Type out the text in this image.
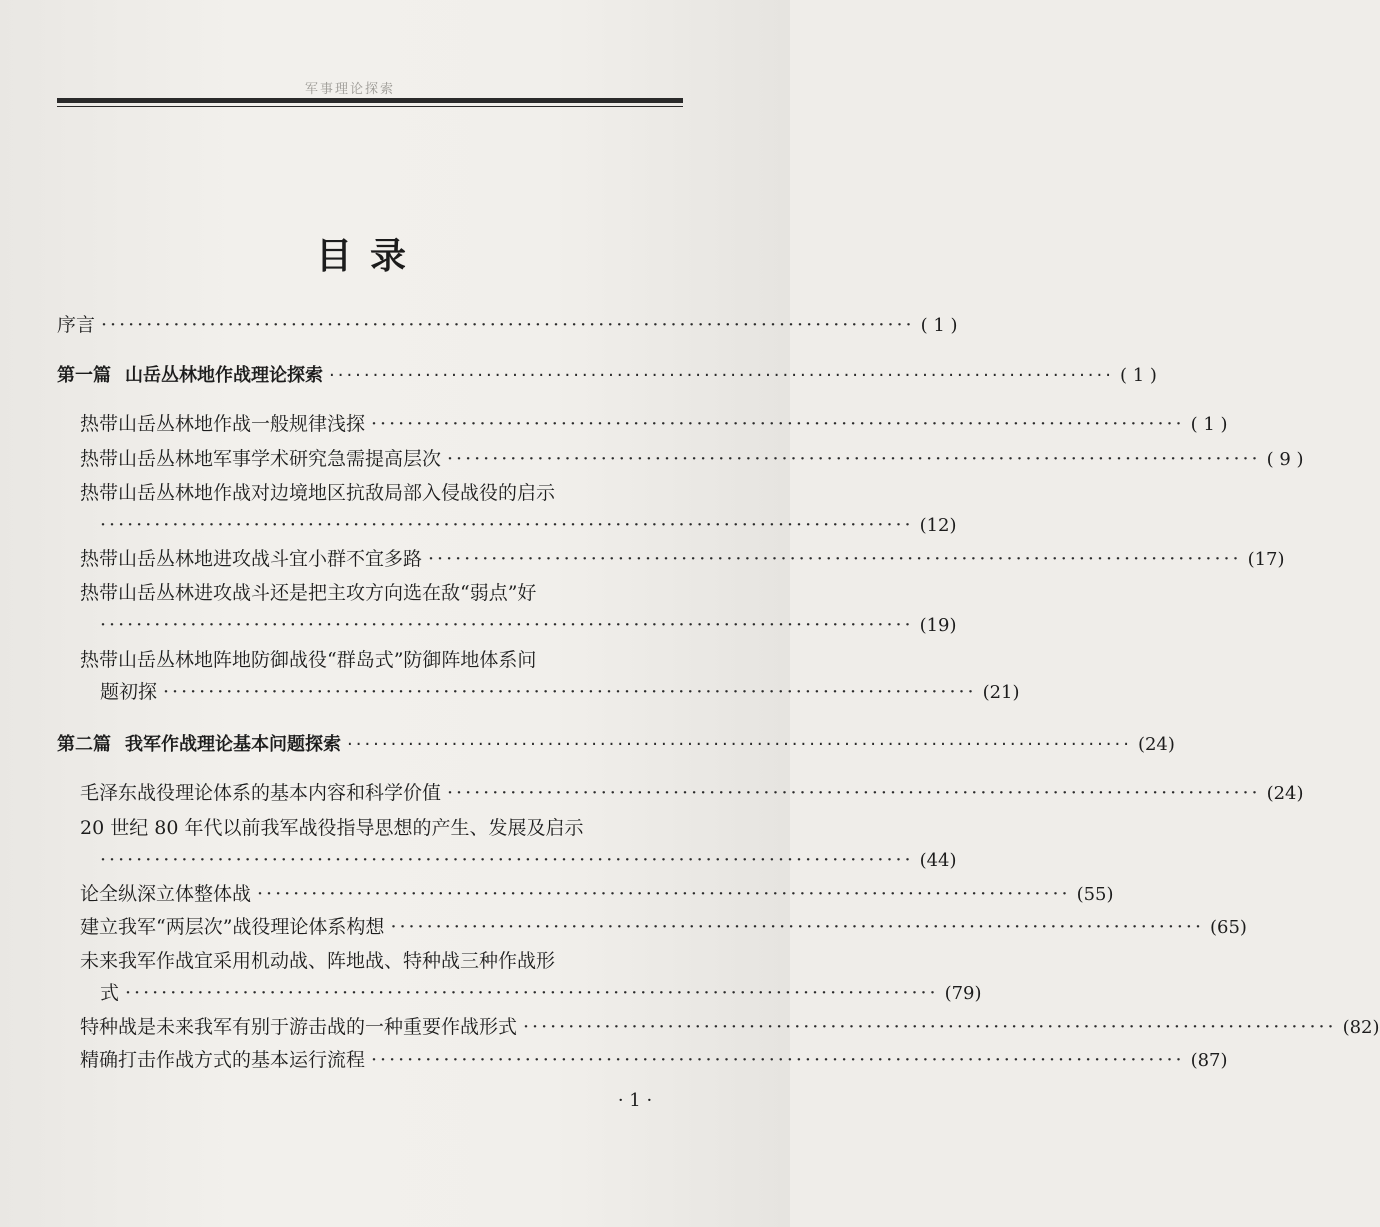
军事理论探索
目录
序言 ·························································································· ( 1 )
第一篇 山岳丛林地作战理论探索 ·························································································· ( 1 )
热带山岳丛林地作战一般规律浅探 ·························································································· ( 1 )
热带山岳丛林地军事学术研究急需提高层次 ·························································································· ( 9 )
热带山岳丛林地作战对边境地区抗敌局部入侵战役的启示
·························································································· (12)
热带山岳丛林地进攻战斗宜小群不宜多路 ·························································································· (17)
热带山岳丛林进攻战斗还是把主攻方向选在敌“弱点”好
·························································································· (19)
热带山岳丛林地阵地防御战役“群岛式”防御阵地体系问
题初探 ·························································································· (21)
第二篇 我军作战理论基本问题探索 ·························································································· (24)
毛泽东战役理论体系的基本内容和科学价值 ·························································································· (24)
20 世纪 80 年代以前我军战役指导思想的产生、发展及启示
·························································································· (44)
论全纵深立体整体战 ·························································································· (55)
建立我军“两层次”战役理论体系构想 ·························································································· (65)
未来我军作战宜采用机动战、阵地战、特种战三种作战形
式 ·························································································· (79)
特种战是未来我军有别于游击战的一种重要作战形式 ·························································································· (82)
精确打击作战方式的基本运行流程 ·························································································· (87)
· 1 ·
